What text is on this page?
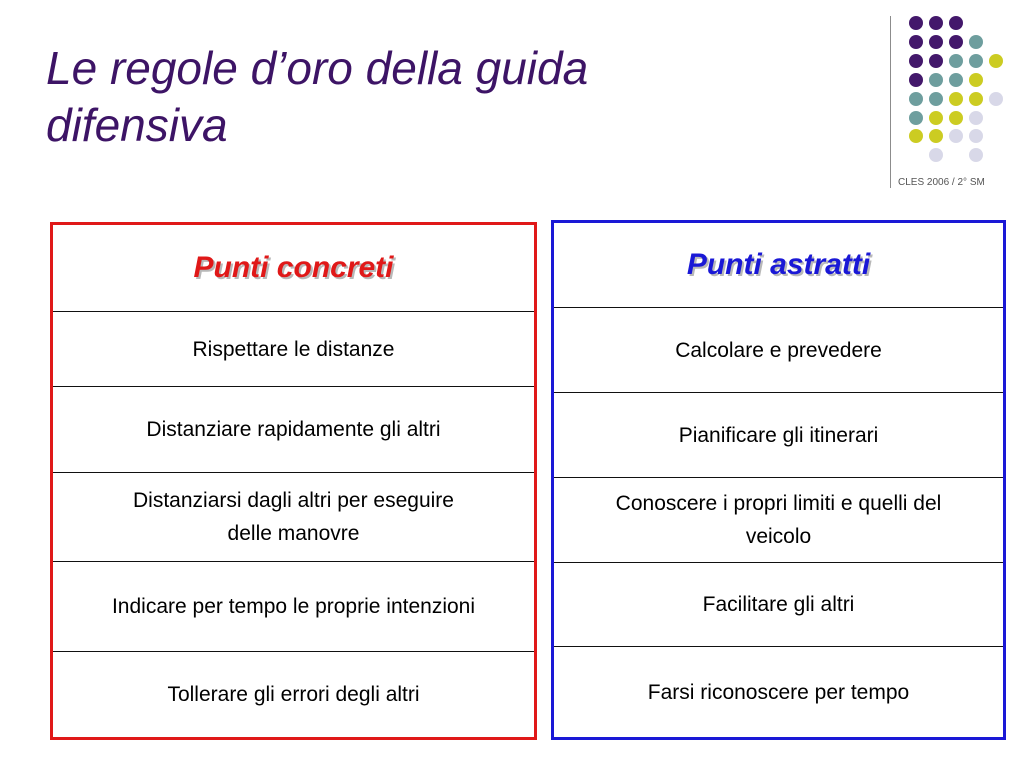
Le regole d’oro della guida
difensiva
CLES 2006 / 2° SM
Punti concreti
Rispettare le distanze
Distanziare rapidamente gli altri
Distanziarsi dagli altri per eseguire delle manovre
Indicare per tempo le proprie intenzioni
Tollerare gli errori degli altri
Punti astratti
Calcolare e prevedere
Pianificare gli itinerari
Conoscere i propri limiti e quelli del veicolo
Facilitare gli altri
Farsi riconoscere per tempo
